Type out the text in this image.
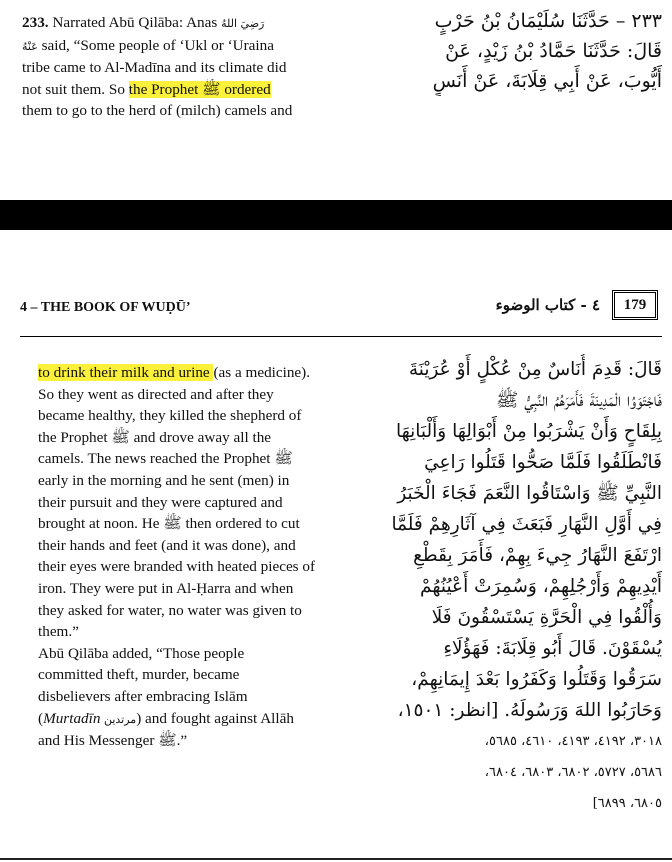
233. Narrated Abū Qilāba: Anas رَضِيَ اللهُ
عَنْهُ said, “Some people of ‘Ukl or ‘Uraina
tribe came to Al-Madīna and its climate did
not suit them. So the Prophet ﷺ ordered
them to go to the herd of (milch) camels and
٢٣٣ – حَدَّثَنَا سُلَيْمَانُ بْنُ حَرْبٍ
قَالَ: حَدَّثَنَا حَمَّادُ بْنُ زَيْدٍ، عَنْ
أَيُّوبَ، عَنْ أَبِي قِلَابَةَ، عَنْ أَنَسٍ
4 – THE BOOK OF WUḌŪ’	٤ - كتاب الوضوء	179
to drink their milk and urine (as a medicine).
So they went as directed and after they
became healthy, they killed the shepherd of
the Prophet ﷺ and drove away all the
camels. The news reached the Prophet ﷺ
early in the morning and he sent (men) in
their pursuit and they were captured and
brought at noon. He ﷺ then ordered to cut
their hands and feet (and it was done), and
their eyes were branded with heated pieces of
iron. They were put in Al-Ḥarra and when
they asked for water, no water was given to
them.”
Abū Qilāba added, “Those people
committed theft, murder, became
disbelievers after embracing Islām
(Murtadīn مرتدين) and fought against Allāh
and His Messenger ﷺ.”
قَالَ: قَدِمَ أُنَاسٌ مِنْ عُكْلٍ أَوْ عُرَيْنَةَ
فَاجْتَوَوُا الْمَدِينَةَ فَأَمَرَهُمُ النَّبِيُّ ﷺ
بِلِقَاحٍ وَأَنْ يَشْرَبُوا مِنْ أَبْوَالِهَا وَأَلْبَانِهَا
فَانْطَلَقُوا فَلَمَّا صَحُّوا قَتَلُوا رَاعِيَ
النَّبِيِّ ﷺ وَاسْتَاقُوا النَّعَمَ فَجَاءَ الْخَبَرُ
فِي أَوَّلِ النَّهَارِ فَبَعَثَ فِي آثَارِهِمْ فَلَمَّا
ارْتَفَعَ النَّهَارُ جِيءَ بِهِمْ، فَأَمَرَ بِقَطْعِ
أَيْدِيهِمْ وَأَرْجُلِهِمْ، وَسُمِرَتْ أَعْيُنُهُمْ
وَأُلْقُوا فِي الْحَرَّةِ يَسْتَسْقُونَ فَلَا
يُسْقَوْنَ. قَالَ أَبُو قِلَابَةَ: فَهَؤُلَاءِ
سَرَقُوا وَقَتَلُوا وَكَفَرُوا بَعْدَ إِيمَانِهِمْ،
وَحَارَبُوا اللهَ وَرَسُولَهُ. [انظر: ١٥٠١،
٣٠١٨، ٤١٩٢، ٤١٩٣، ٤٦١٠، ٥٦٨٥،
٥٦٨٦، ٥٧٢٧، ٦٨٠٢، ٦٨٠٣، ٦٨٠٤،
٦٨٠٥، ٦٨٩٩]
